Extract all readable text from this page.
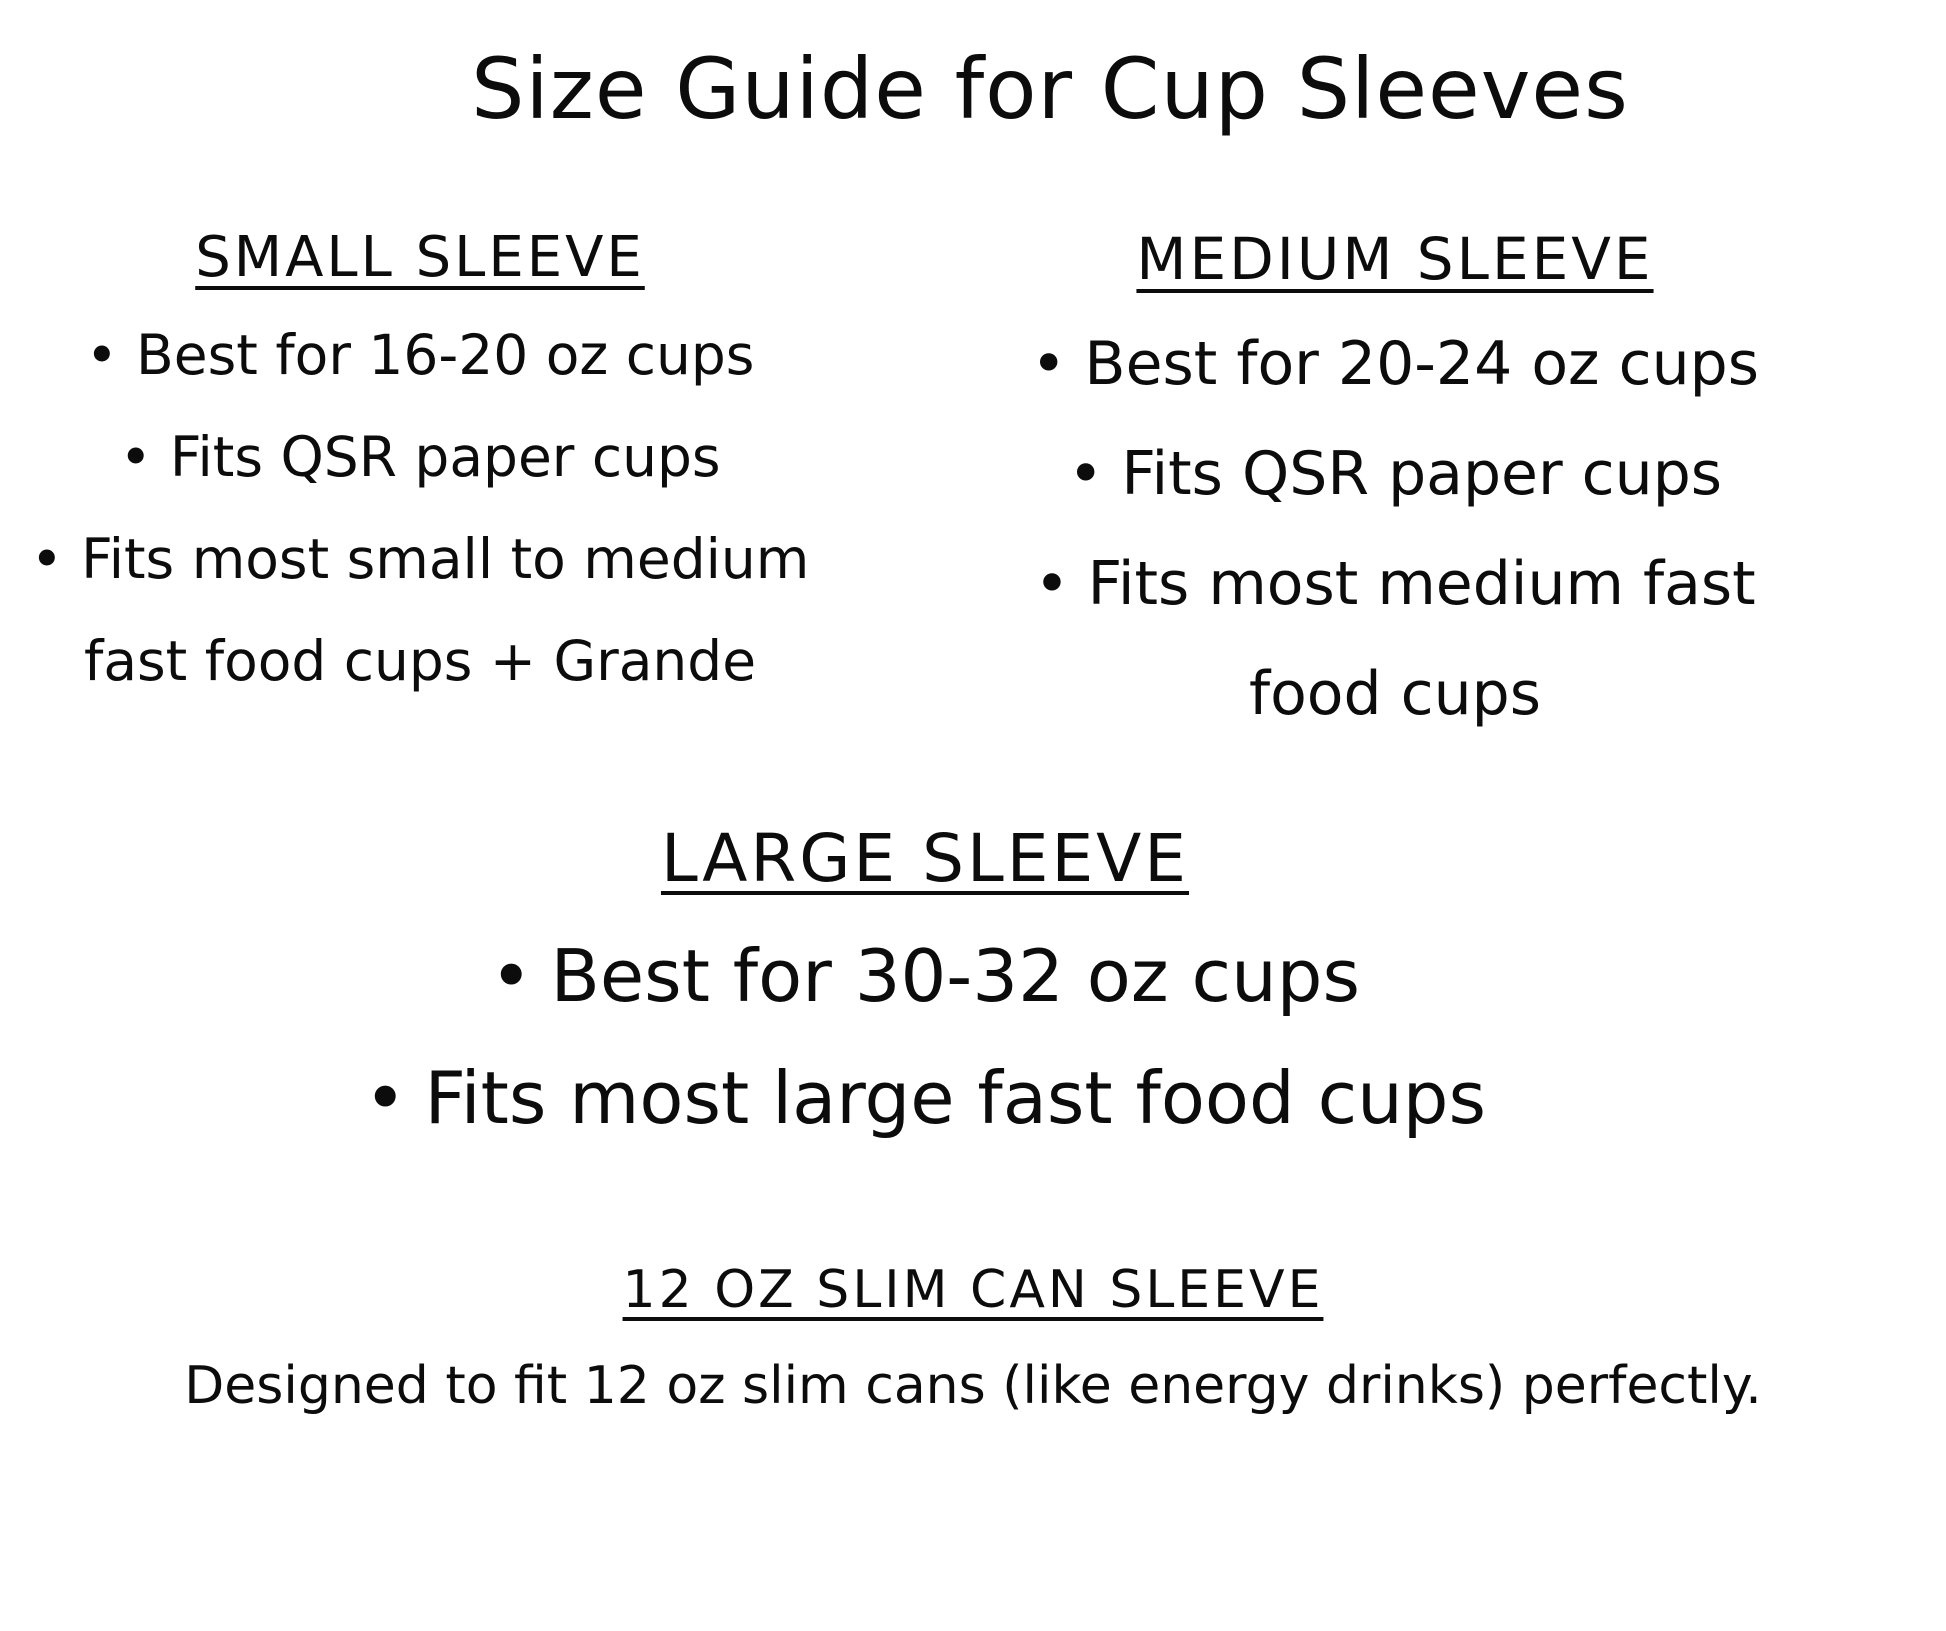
Size Guide for Cup Sleeves
SMALL SLEEVE
• Best for 16-20 oz cups
• Fits QSR paper cups
• Fits most small to medium
fast food cups + Grande
MEDIUM SLEEVE
• Best for 20-24 oz cups
• Fits QSR paper cups
• Fits most medium fast
food cups
LARGE SLEEVE
• Best for 30-32 oz cups
• Fits most large fast food cups
12 OZ SLIM CAN SLEEVE
Designed to fit 12 oz slim cans (like energy drinks) perfectly.
